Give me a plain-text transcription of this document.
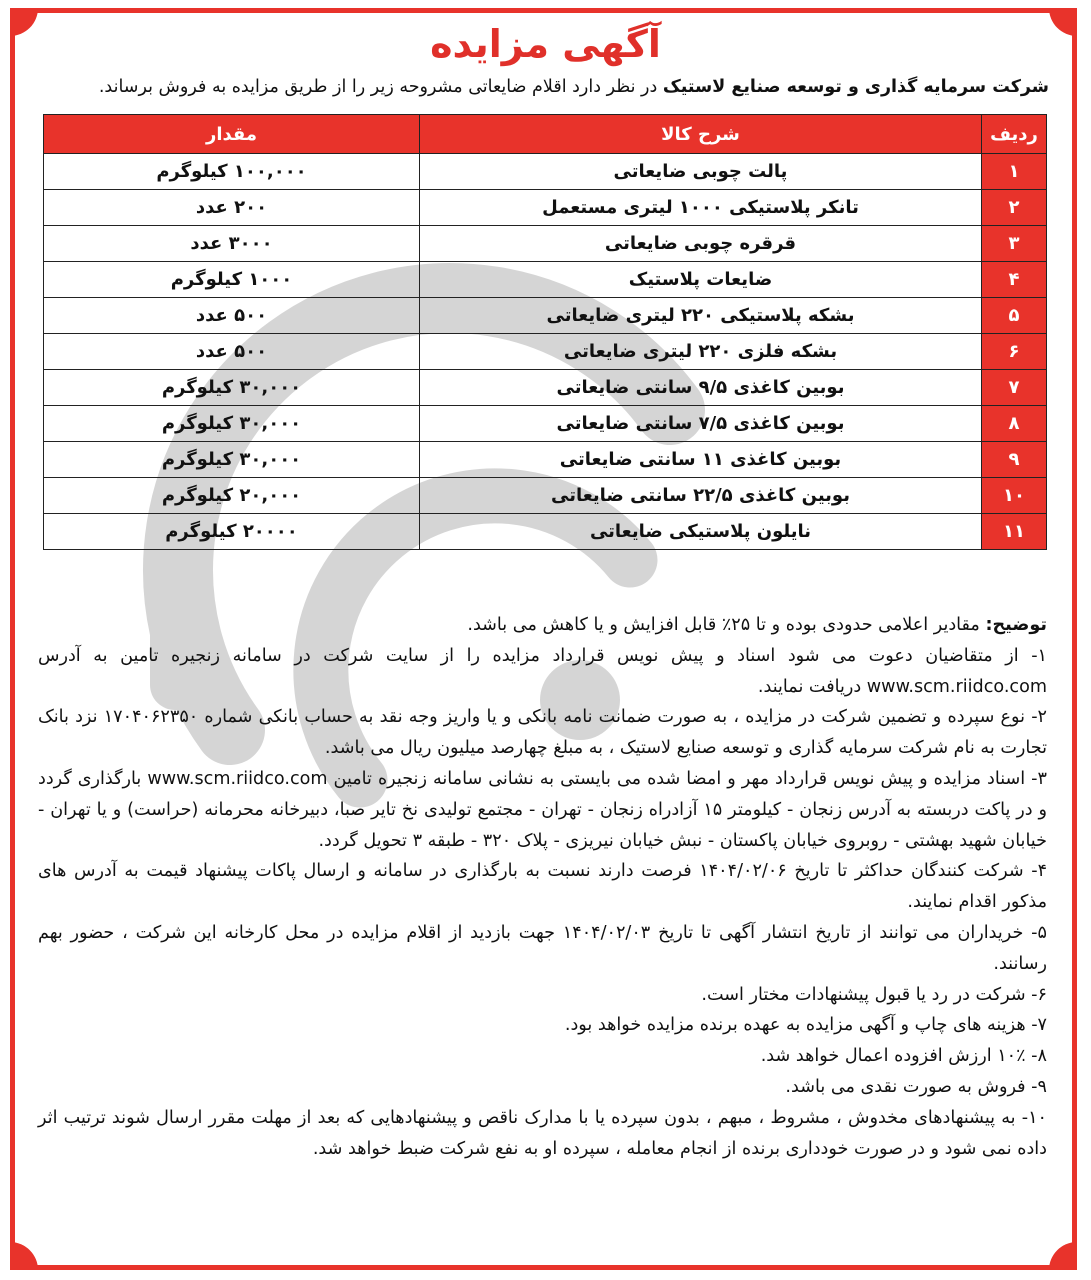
آگهی مزایده
شرکت سرمایه گذاری و توسعه صنایع لاستیک در نظر دارد اقلام ضایعاتی مشروحه زیر را از طریق مزایده به فروش برساند.
ردیف	شرح کالا	مقدار
۱	پالت چوبی ضایعاتی	۱۰۰,۰۰۰ کیلوگرم
۲	تانکر پلاستیکی ۱۰۰۰ لیتری مستعمل	۲۰۰ عدد
۳	قرقره چوبی ضایعاتی	۳۰۰۰ عدد
۴	ضایعات پلاستیک	۱۰۰۰ کیلوگرم
۵	بشکه پلاستیکی ۲۲۰ لیتری ضایعاتی	۵۰۰ عدد
۶	بشکه فلزی ۲۲۰ لیتری ضایعاتی	۵۰۰ عدد
۷	بوبین کاغذی ۹/۵ سانتی ضایعاتی	۳۰,۰۰۰ کیلوگرم
۸	بوبین کاغذی ۷/۵ سانتی ضایعاتی	۳۰,۰۰۰ کیلوگرم
۹	بوبین کاغذی ۱۱ سانتی ضایعاتی	۳۰,۰۰۰ کیلوگرم
۱۰	بوبین کاغذی ۲۲/۵ سانتی ضایعاتی	۲۰,۰۰۰ کیلوگرم
۱۱	نایلون پلاستیکی ضایعاتی	۲۰۰۰۰ کیلوگرم

توضیح: مقادیر اعلامی حدودی بوده و تا ۲۵٪ قابل افزایش و یا کاهش می باشد.

۱- از متقاضیان دعوت می شود اسناد و پیش نویس قرارداد مزایده را از سایت شرکت در سامانه زنجیره تامین به آدرس www.scm.riidco.com دریافت نمایند.

۲- نوع سپرده و تضمین شرکت در مزایده ، به صورت ضمانت نامه بانکی و یا واریز وجه نقد به حساب بانکی شماره ۱۷۰۴۰۶۲۳۵۰ نزد بانک تجارت به نام شرکت سرمایه گذاری و توسعه صنایع لاستیک ، به مبلغ چهارصد میلیون ریال می باشد.

۳- اسناد مزایده و پیش نویس قرارداد مهر و امضا شده می بایستی به نشانی سامانه زنجیره تامین www.scm.riidco.com بارگذاری گردد و در پاکت دربسته به آدرس زنجان - کیلومتر ۱۵ آزادراه زنجان - تهران - مجتمع تولیدی نخ تایر صبا، دبیرخانه محرمانه (حراست) و یا تهران - خیابان شهید بهشتی - روبروی خیابان پاکستان - نبش خیابان نیریزی - پلاک ۳۲۰ - طبقه ۳ تحویل گردد.

۴- شرکت کنندگان حداکثر تا تاریخ ۱۴۰۴/۰۲/۰۶ فرصت دارند نسبت به بارگذاری در سامانه و ارسال پاکات پیشنهاد قیمت به آدرس های مذکور اقدام نمایند.

۵- خریداران می توانند از تاریخ انتشار آگهی تا تاریخ ۱۴۰۴/۰۲/۰۳ جهت بازدید از اقلام مزایده در محل کارخانه این شرکت ، حضور بهم رسانند.

۶- شرکت در رد یا قبول پیشنهادات مختار است.

۷- هزینه های چاپ و آگهی مزایده به عهده برنده مزایده خواهد بود.

۸- ۱۰٪ ارزش افزوده اعمال خواهد شد.

۹- فروش به صورت نقدی می باشد.

۱۰- به پیشنهادهای مخدوش ، مشروط ، مبهم ، بدون سپرده یا با مدارک ناقص و پیشنهادهایی که بعد از مهلت مقرر ارسال شوند ترتیب اثر داده نمی شود و در صورت خودداری برنده از انجام معامله ، سپرده او به نفع شرکت ضبط خواهد شد.
